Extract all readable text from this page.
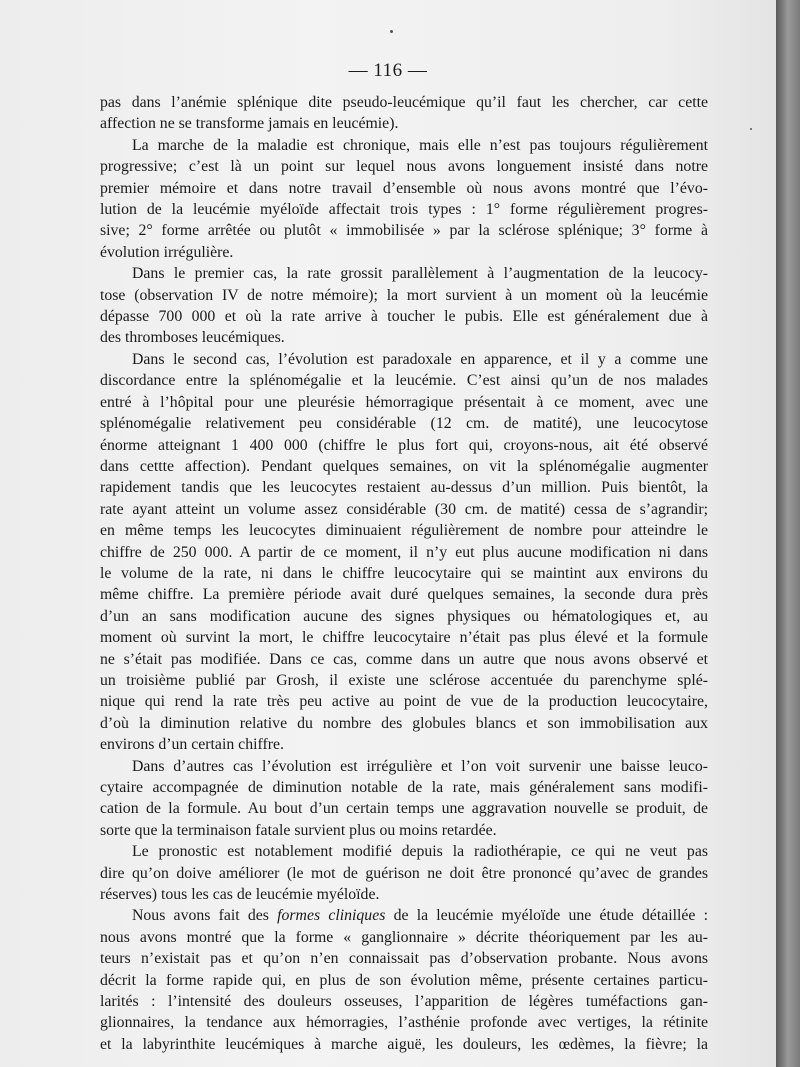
— 116 —
pas dans l’anémie splénique dite pseudo-leucémique qu’il faut les chercher, car cette
affection ne se transforme jamais en leucémie).
La marche de la maladie est chronique, mais elle n’est pas toujours régulièrement
progressive; c’est là un point sur lequel nous avons longuement insisté dans notre
premier mémoire et dans notre travail d’ensemble où nous avons montré que l’évo-
lution de la leucémie myéloïde affectait trois types : 1° forme régulièrement progres-
sive; 2° forme arrêtée ou plutôt « immobilisée » par la sclérose splénique; 3° forme à
évolution irrégulière.
Dans le premier cas, la rate grossit parallèlement à l’augmentation de la leucocy-
tose (observation IV de notre mémoire); la mort survient à un moment où la leucémie
dépasse 700 000 et où la rate arrive à toucher le pubis. Elle est généralement due à
des thromboses leucémiques.
Dans le second cas, l’évolution est paradoxale en apparence, et il y a comme une
discordance entre la splénomégalie et la leucémie. C’est ainsi qu’un de nos malades
entré à l’hôpital pour une pleurésie hémorragique présentait à ce moment, avec une
splénomégalie relativement peu considérable (12 cm. de matité), une leucocytose
énorme atteignant 1 400 000 (chiffre le plus fort qui, croyons-nous, ait été observé
dans cettte affection). Pendant quelques semaines, on vit la splénomégalie augmenter
rapidement tandis que les leucocytes restaient au-dessus d’un million. Puis bientôt, la
rate ayant atteint un volume assez considérable (30 cm. de matité) cessa de s’agrandir;
en même temps les leucocytes diminuaient régulièrement de nombre pour atteindre le
chiffre de 250 000. A partir de ce moment, il n’y eut plus aucune modification ni dans
le volume de la rate, ni dans le chiffre leucocytaire qui se maintint aux environs du
même chiffre. La première période avait duré quelques semaines, la seconde dura près
d’un an sans modification aucune des signes physiques ou hématologiques et, au
moment où survint la mort, le chiffre leucocytaire n’était pas plus élevé et la formule
ne s’était pas modifiée. Dans ce cas, comme dans un autre que nous avons observé et
un troisième publié par Grosh, il existe une sclérose accentuée du parenchyme splé-
nique qui rend la rate très peu active au point de vue de la production leucocytaire,
d’où la diminution relative du nombre des globules blancs et son immobilisation aux
environs d’un certain chiffre.
Dans d’autres cas l’évolution est irrégulière et l’on voit survenir une baisse leuco-
cytaire accompagnée de diminution notable de la rate, mais généralement sans modifi-
cation de la formule. Au bout d’un certain temps une aggravation nouvelle se produit, de
sorte que la terminaison fatale survient plus ou moins retardée.
Le pronostic est notablement modifié depuis la radiothérapie, ce qui ne veut pas
dire qu’on doive améliorer (le mot de guérison ne doit être prononcé qu’avec de grandes
réserves) tous les cas de leucémie myéloïde.
Nous avons fait des formes cliniques de la leucémie myéloïde une étude détaillée :
nous avons montré que la forme « ganglionnaire » décrite théoriquement par les au-
teurs n’existait pas et qu’on n’en connaissait pas d’observation probante. Nous avons
décrit la forme rapide qui, en plus de son évolution même, présente certaines particu-
larités : l’intensité des douleurs osseuses, l’apparition de légères tuméfactions gan-
glionnaires, la tendance aux hémorragies, l’asthénie profonde avec vertiges, la rétinite
et la labyrinthite leucémiques à marche aiguë, les douleurs, les œdèmes, la fièvre; la
